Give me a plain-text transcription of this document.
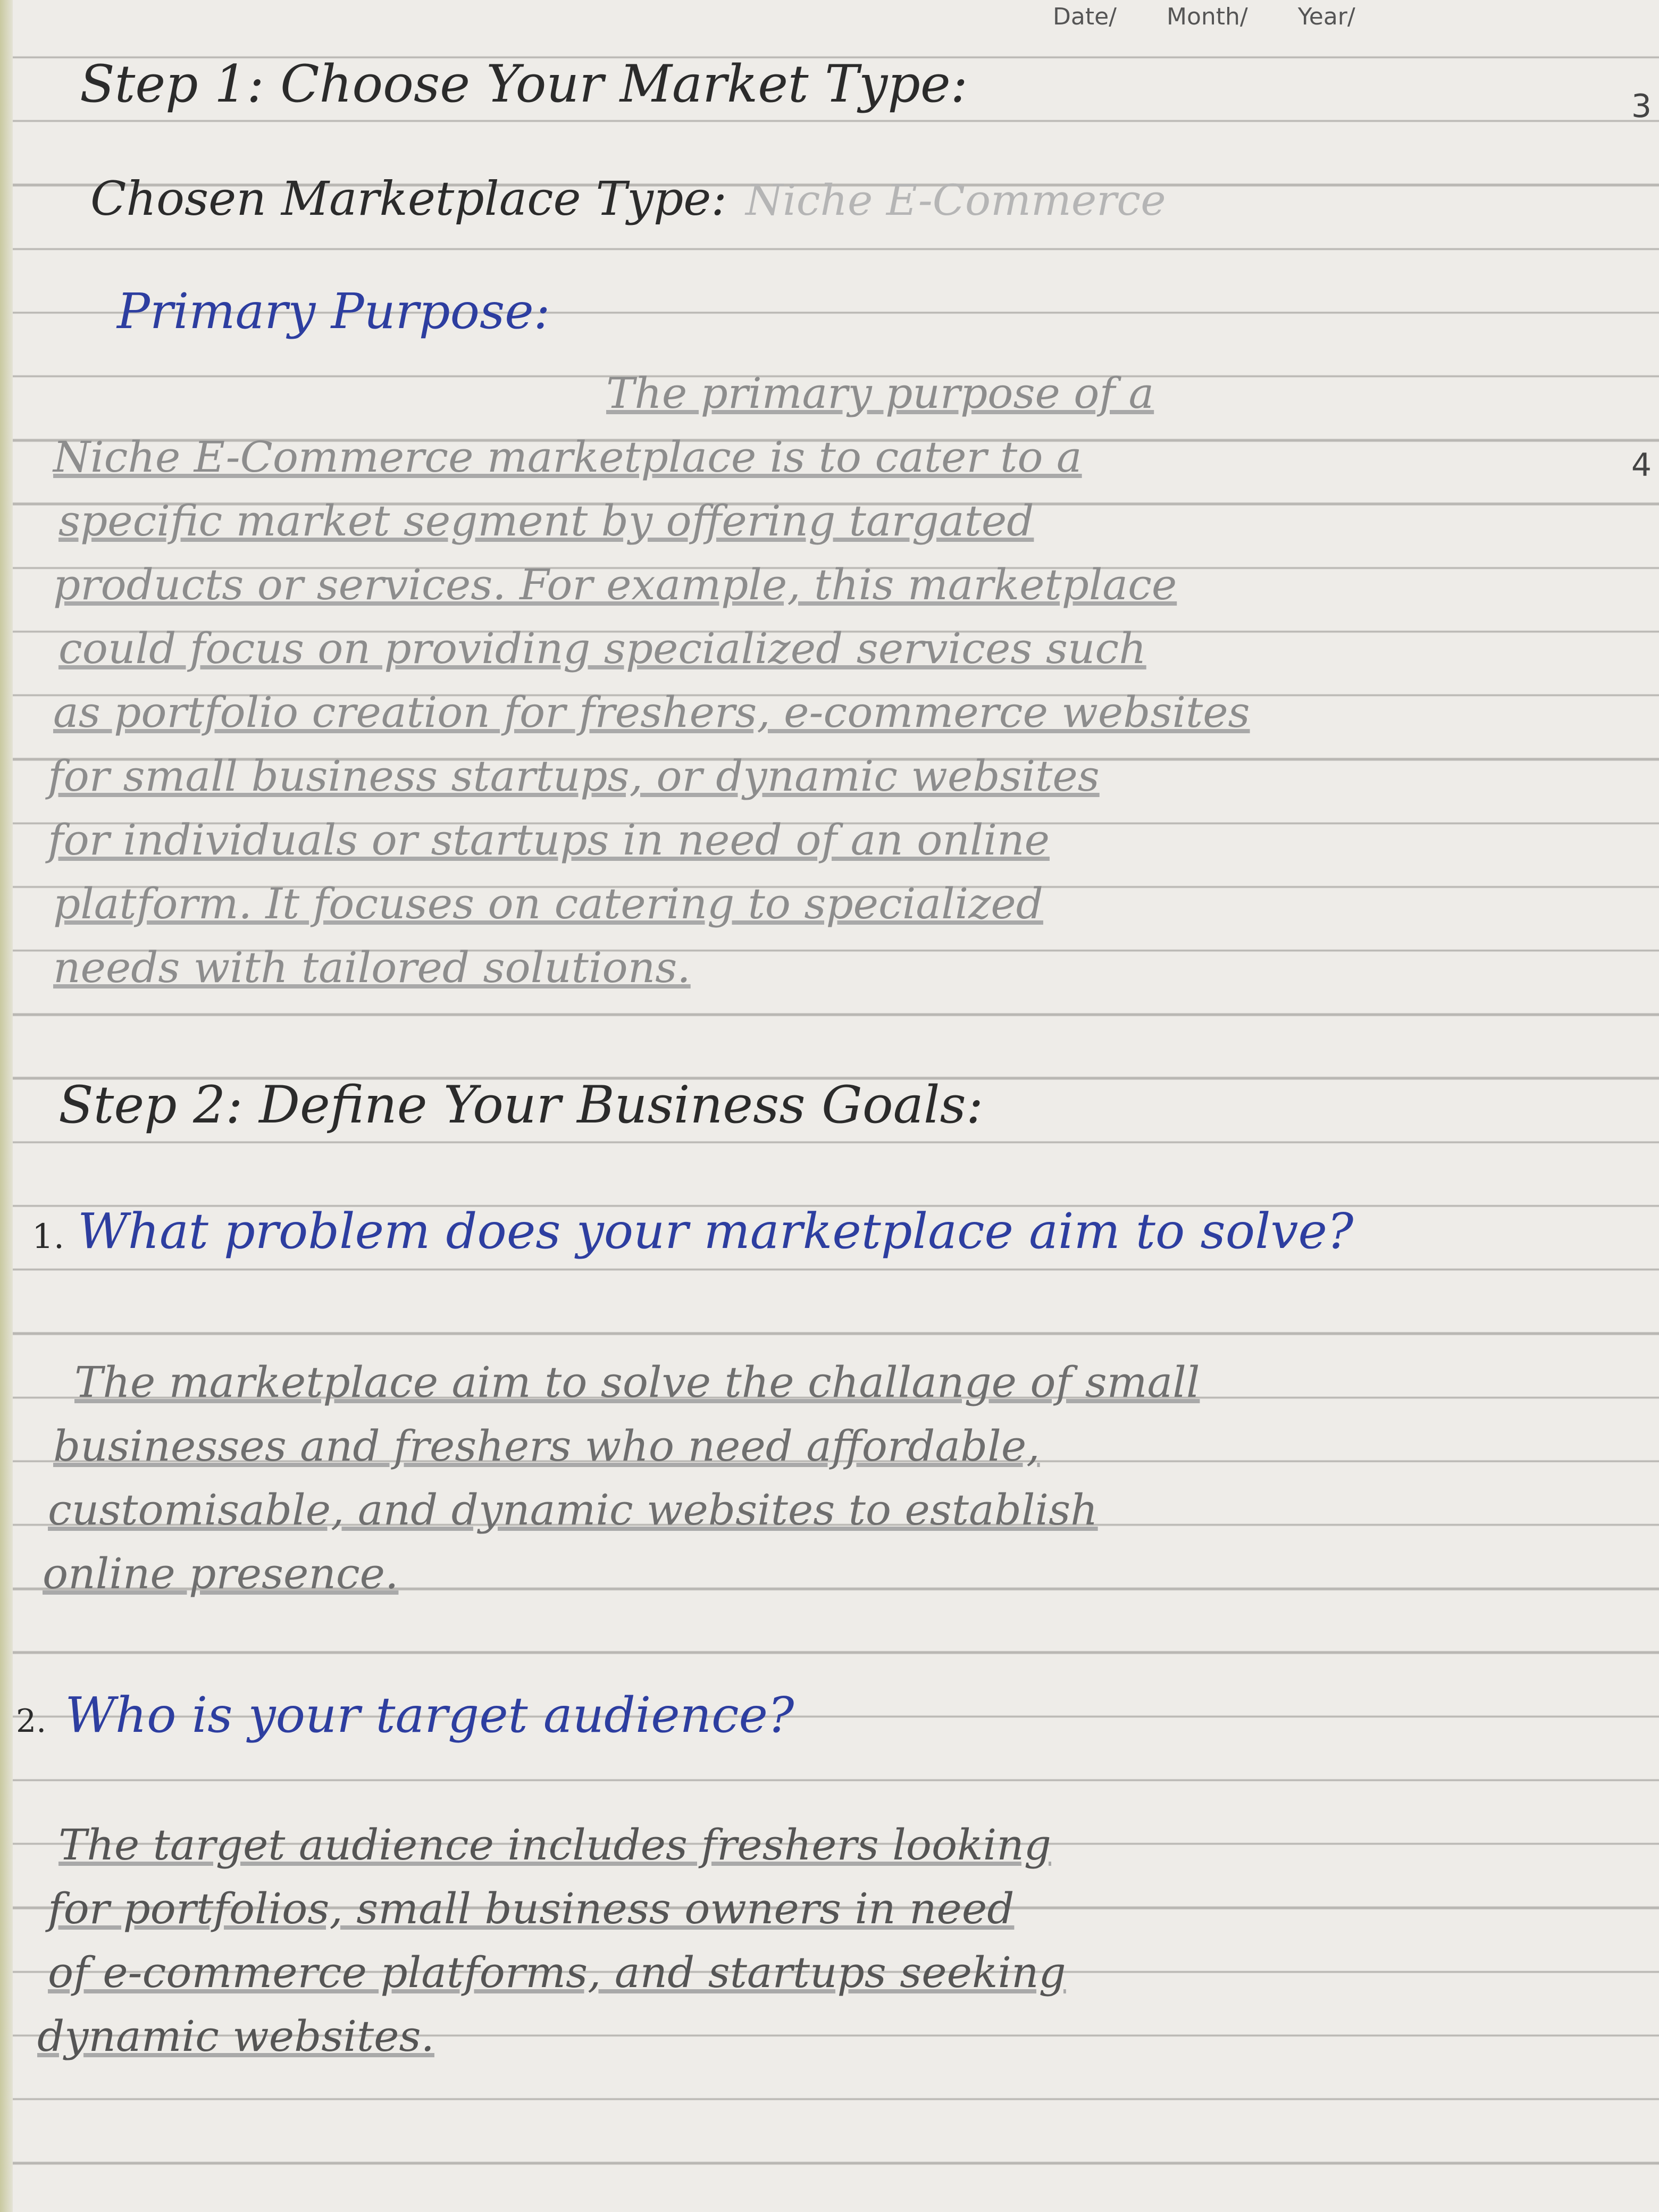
Date/ Month/ Year/
3
4
Step 1: Choose Your Market Type:
Chosen Marketplace Type: Niche E-Commerce
Primary Purpose:
The primary purpose of a
Niche E-Commerce marketplace is to cater to a
specific market segment by offering targated
products or services. For example, this marketplace
could focus on providing specialized services such
as portfolio creation for freshers, e-commerce websites
for small business startups, or dynamic websites
for individuals or startups in need of an online
platform. It focuses on catering to specialized
needs with tailored solutions.
Step 2: Define Your Business Goals:
1. What problem does your marketplace aim to solve?
The marketplace aim to solve the challange of small
businesses and freshers who need affordable,
customisable, and dynamic websites to establish
online presence.
2. Who is your target audience?
The target audience includes freshers looking
for portfolios, small business owners in need
of e-commerce platforms, and startups seeking
dynamic websites.
